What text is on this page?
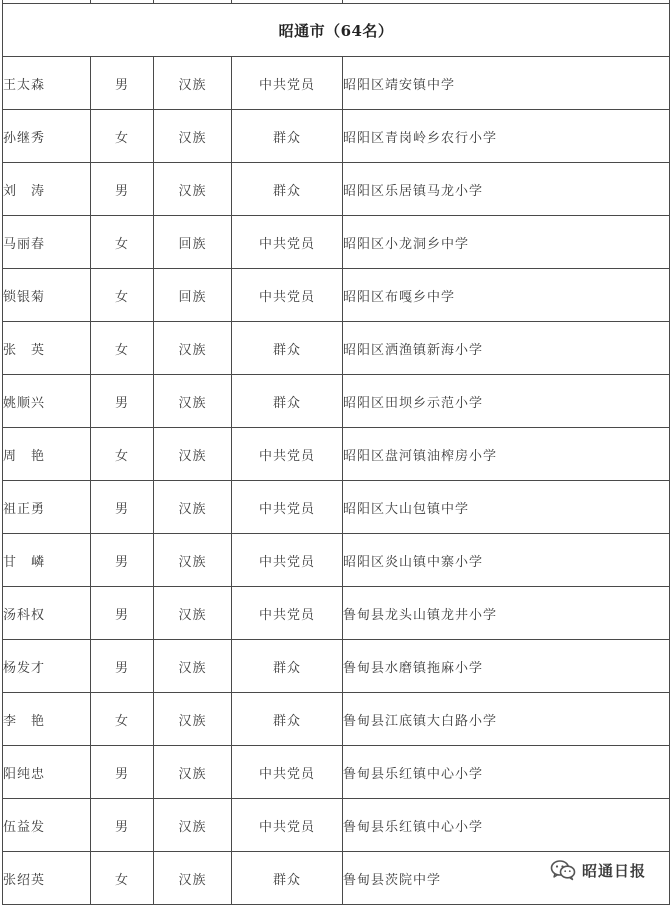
昭通市（64名）				
王太森	男	汉族	中共党员	昭阳区靖安镇中学
孙继秀	女	汉族	群众	昭阳区青岗岭乡农行小学
刘　涛	男	汉族	群众	昭阳区乐居镇马龙小学
马丽春	女	回族	中共党员	昭阳区小龙洞乡中学
锁银菊	女	回族	中共党员	昭阳区布嘎乡中学
张　英	女	汉族	群众	昭阳区洒渔镇新海小学
姚顺兴	男	汉族	群众	昭阳区田坝乡示范小学
周　艳	女	汉族	中共党员	昭阳区盘河镇油榨房小学
祖正勇	男	汉族	中共党员	昭阳区大山包镇中学
甘　嶙	男	汉族	中共党员	昭阳区炎山镇中寨小学
汤科权	男	汉族	中共党员	鲁甸县龙头山镇龙井小学
杨发才	男	汉族	群众	鲁甸县水磨镇拖麻小学
李　艳	女	汉族	群众	鲁甸县江底镇大白路小学
阳纯忠	男	汉族	中共党员	鲁甸县乐红镇中心小学
伍益发	男	汉族	中共党员	鲁甸县乐红镇中心小学
张绍英	女	汉族	群众	鲁甸县茨院中学
昭通日报
